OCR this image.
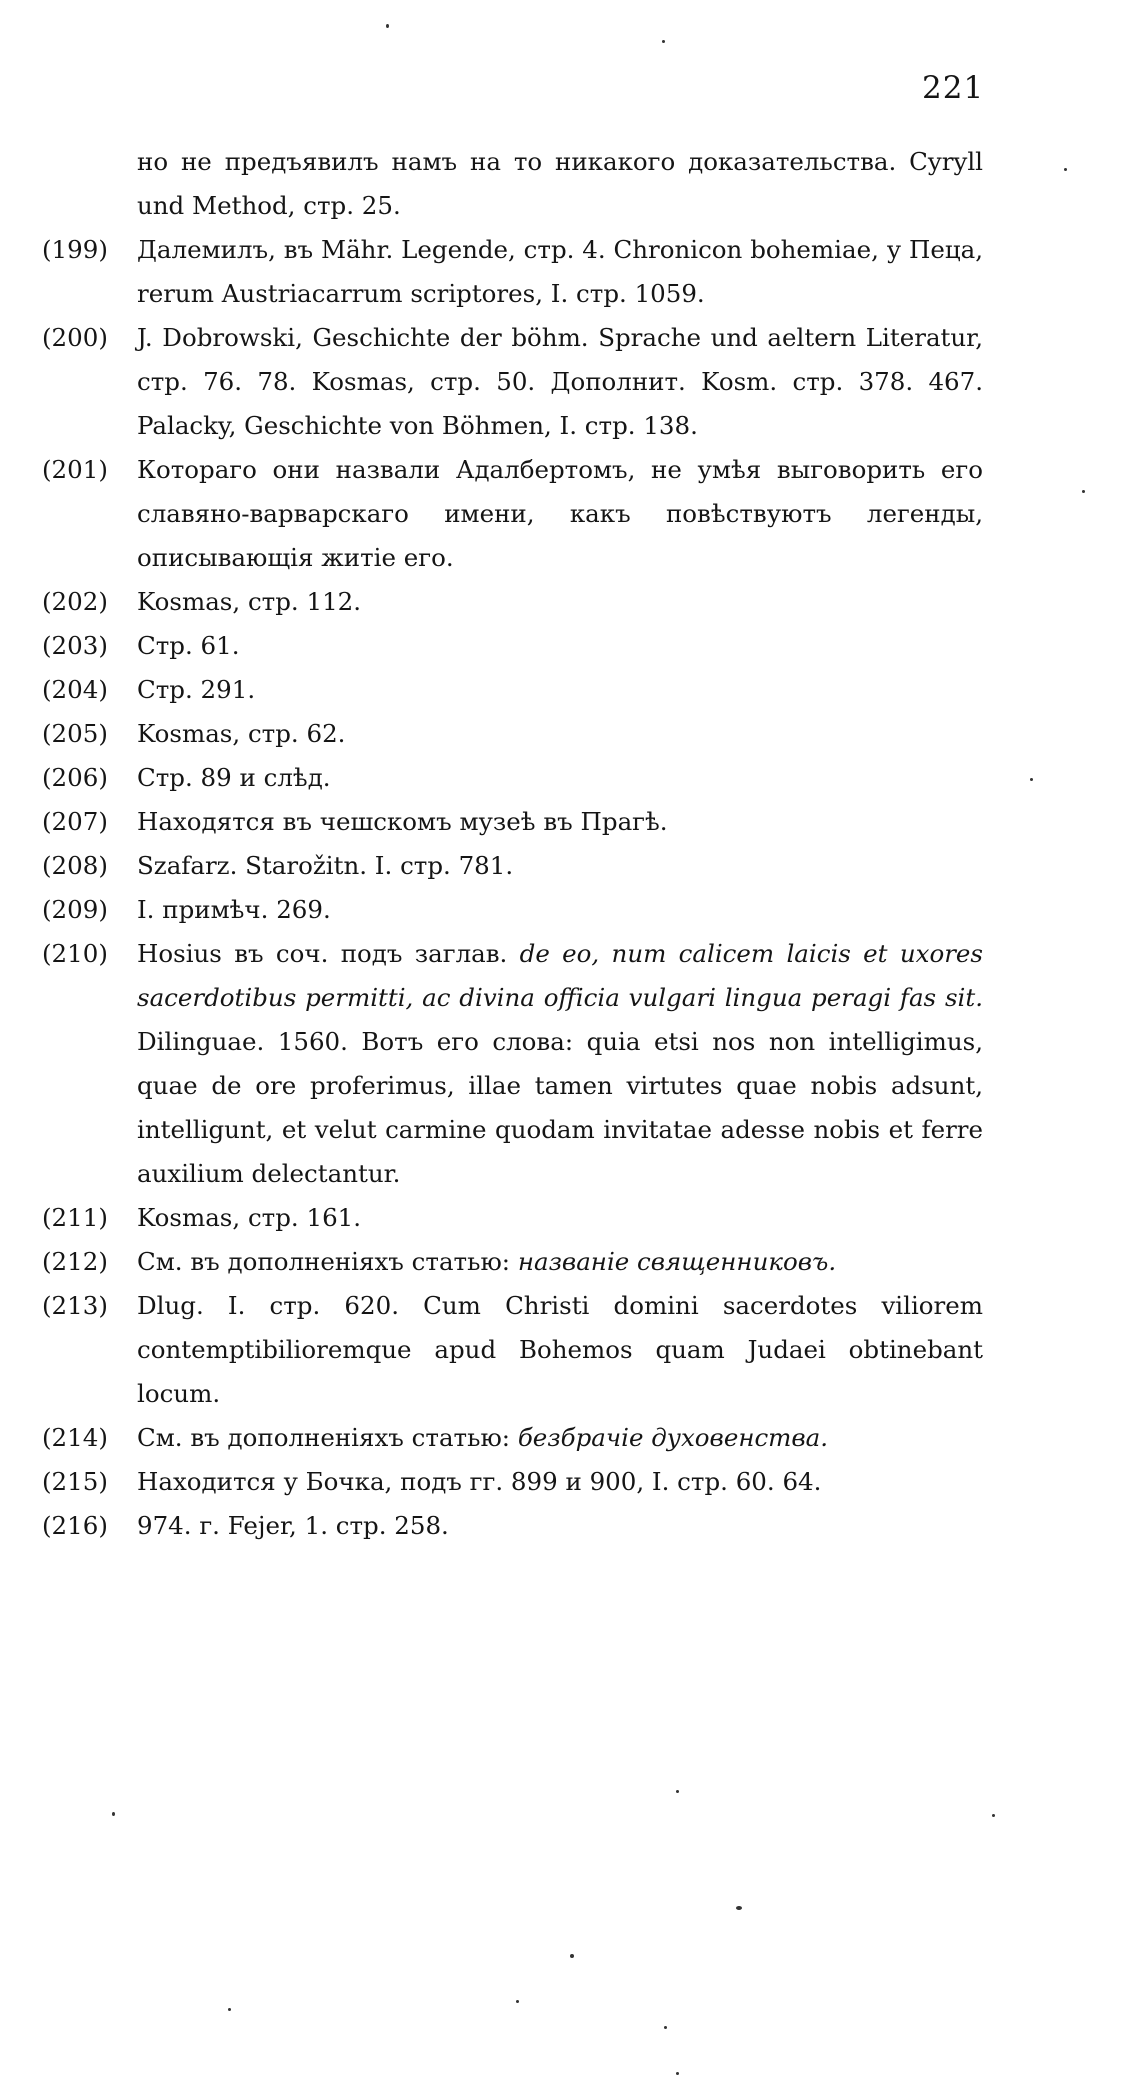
221
но не предъявилъ намъ на то никакого доказательства. Cyryll und Method, стр. 25.
(199) Далемилъ, въ Mähr. Legende, стр. 4. Chronicon bohemiae, у Пеца, rerum Austriacarrum scriptores, I. стр. 1059.
(200) J. Dobrowski, Geschichte der böhm. Sprache und aeltern Literatur, стр. 76. 78. Kosmas, стр. 50. Дополнит. Kosm. стр. 378. 467. Palacky, Geschichte von Böhmen, I. стр. 138.
(201) Котораго они назвали Адалбертомъ, не умѣя выговорить его славяно-варварскаго имени, какъ повѣствуютъ легенды, описывающія житіе его.
(202) Kosmas, стр. 112.
(203) Стр. 61.
(204) Стр. 291.
(205) Kosmas, стр. 62.
(206) Стр. 89 и слѣд.
(207) Находятся въ чешскомъ музеѣ въ Прагѣ.
(208) Szafarz. Starožitn. I. стр. 781.
(209) I. примѣч. 269.
(210) Hosius въ соч. подъ заглав. de eo, num calicem laicis et uxores sacerdotibus permitti, ac divina officia vulgari lingua peragi fas sit. Dilinguae. 1560. Вотъ его слова: quia etsi nos non intelligimus, quae de ore proferimus, illae tamen virtutes quae nobis adsunt, intelligunt, et velut carmine quodam invitatae adesse nobis et ferre auxilium delectantur.
(211) Kosmas, стр. 161.
(212) См. въ дополненіяхъ статью: названіе священниковъ.
(213) Dlug. I. стр. 620. Cum Christi domini sacerdotes viliorem contemptibilioremque apud Bohemos quam Judaei obtinebant locum.
(214) См. въ дополненіяхъ статью: безбрачіе духовенства.
(215) Находится у Бочка, подъ гг. 899 и 900, I. стр. 60. 64.
(216) 974. г. Fejer, 1. стр. 258.
